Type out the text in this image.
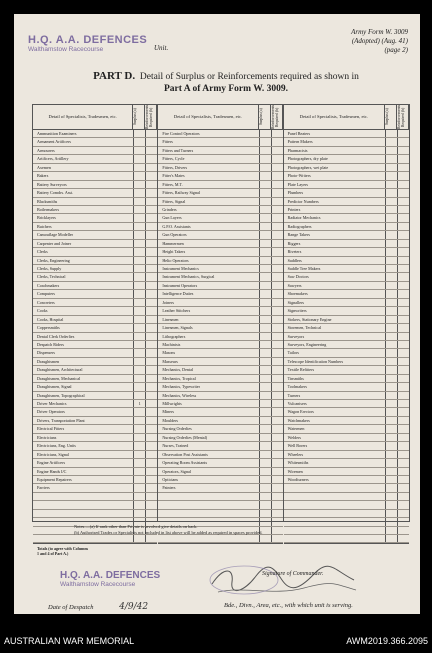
H.Q. A.A. DEFENCES
Walthamstow Racecourse	Unit.
Army Form W. 3009
(Adopted) (Aug. 41)
(page 2)
PART D. Detail of Surplus or Reinforcements required as shown in
Part A of Army Form W. 3009.
Detail of Specialists, Tradesmen, etc.	Surplus (a)	Reinforcements Required (b)
Ammunition Examiners
Armament Artificers
Armourers
Artificers, Artillery
Axemen
Bakers
Battery Surveyors
Battery Comdrs. Asst.
Blacksmiths
Boilermakers
Bricklayers
Butchers
Camouflage Modeller
Carpenter and Joiner
Clerks
Clerks, Engineering
Clerks, Supply
Clerks, Technical
Coachmakers
Computers
Concreters
Cooks
Cooks, Hospital
Coppersmiths
Dental Clerk Orderlies
Despatch Riders
Dispensers
Draughtsmen
Draughtsmen, Architectural
Draughtsmen, Mechanical
Draughtsmen, Signal
Draughtsmen, Topographical
Driver Mechanics	1
Driver Operators
Drivers, Transportation Plant
Electrical Fitters
Electricians
Electricians, Eng. Units
Electricians, Signal
Engine Artificers
Engine Hands I/C
Equipment Repairers
Farriers
Totals (to agree with Columns
1 and 4 of Part A.)
Detail of Specialists, Tradesmen, etc.	Surplus (a)	Reinforcements Required (b)
Fire Control Operators
Fitters
Fitters and Turners
Fitters, Cycle
Fitters, Drivers
Fitter's Mates
Fitters, M.T.
Fitters, Railway Signal
Fitters, Signal
Grinders
Gun Layers
G.P.O. Assistants
Gun Operators
Hammermen
Height Takers
Helio Operators
Instrument Mechanics
Instrument Mechanics, Surgical
Instrument Operators
Intelligence Duties
Joiners
Leather Stitchers
Linesmen
Linesmen, Signals
Lithographers
Machinists
Masons
Masseurs
Mechanics, Dental
Mechanics, Tropical
Mechanics, Typewriter
Mechanics, Wireless
Millwrights
Miners
Moulders
Nursing Orderlies
Nursing Orderlies (Mental)
Nurses, Trained
Observation Post Assistants
Operating Room Assistants
Operators, Signal
Opticians
Painters
Detail of Specialists, Tradesmen, etc.	Surplus (a)	Reinforcements Required (b)
Panel Beaters
Pattern Makers
Pharmacists
Photographers, dry plate
Photographers, wet plate
Photo-Writers
Plate Layers
Plumbers
Predictor Numbers
Printers
Radiator Mechanics
Radiographers
Range Takers
Riggers
Riveters
Saddlers
Saddle Tree Makers
Saw Doctors
Sawyers
Shoemakers
Signallers
Signwriters
Stokers, Stationary Engine
Storemen, Technical
Surveyors
Surveyors, Engineering
Tailors
Telescope Identification Numbers
Textile Refitters
Tinsmiths
Toolmakers
Turners
Vulcanisers
Wagon Erectors
Watchmakers
Watermen
Welders
Well Borers
Wheelers
Whitesmiths
Wiremen
Woodturners
Notes.—(a) If rank other than Private is involved give details on back.
(b) Authorised Trades or Specialists not included in list above will be added as required in spaces provided.
H.Q. A.A. DEFENCES
Walthamstow Racecourse
Signature of Commander.
Date of Despatch	4/9/42	Bde., Divn., Area, etc., with which unit is serving.
AUSTRALIAN WAR MEMORIAL	AWM2019.366.2095
